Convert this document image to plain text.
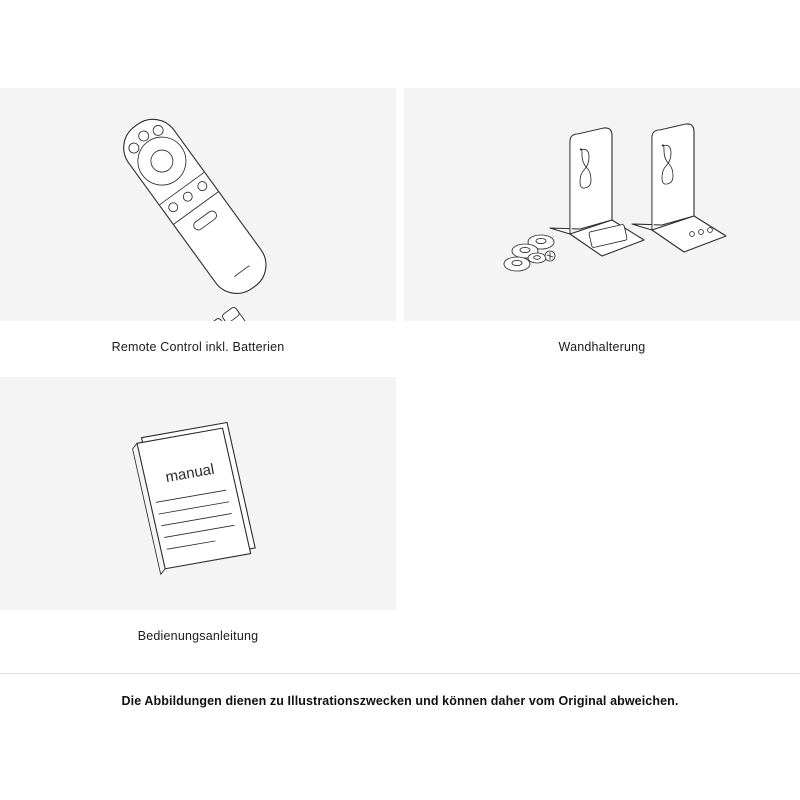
Remote Control inkl. Batterien	Wandhalterung
manual
Bedienungsanleitung
Die Abbildungen dienen zu Illustrationszwecken und können daher vom Original abweichen.
